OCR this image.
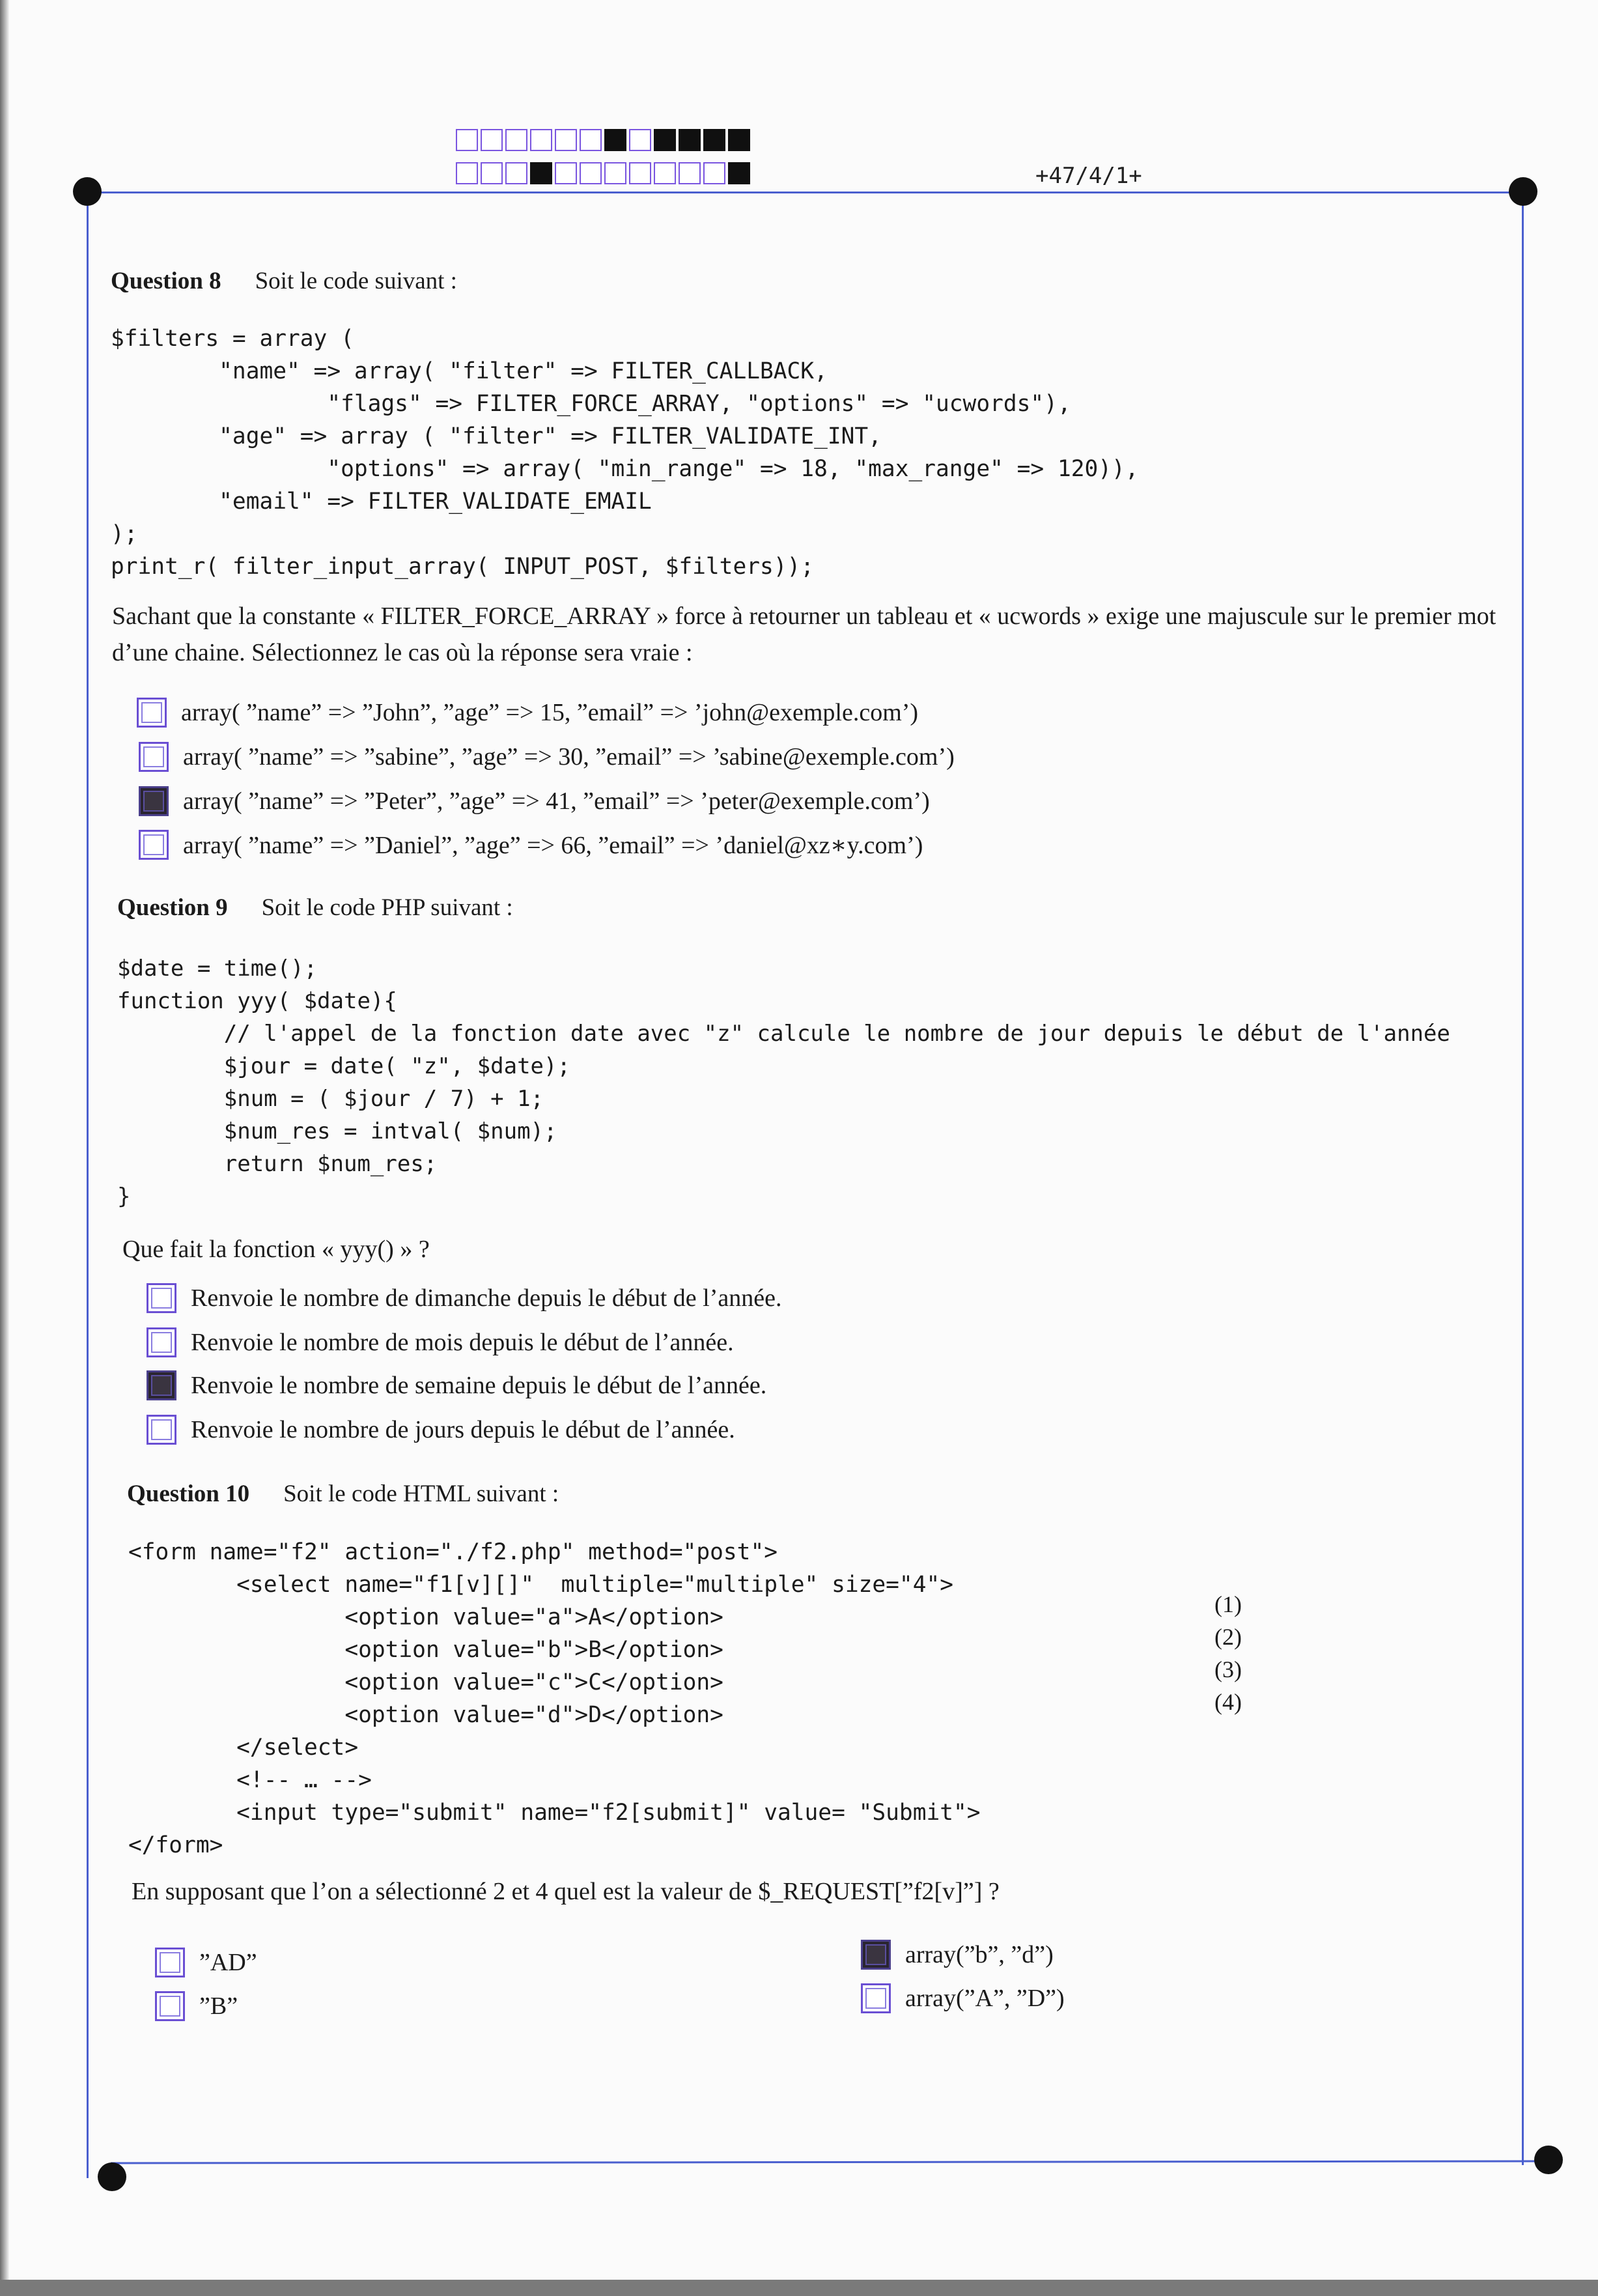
+47/4/1+
Question 8 Soit le code suivant :
$filters = array (
"name" => array( "filter" => FILTER_CALLBACK,
"flags" => FILTER_FORCE_ARRAY, "options" => "ucwords"),
"age" => array ( "filter" => FILTER_VALIDATE_INT,
"options" => array( "min_range" => 18, "max_range" => 120)),
"email" => FILTER_VALIDATE_EMAIL
);
print_r( filter_input_array( INPUT_POST, $filters));
Sachant que la constante « FILTER_FORCE_ARRAY » force à retourner un tableau et « ucwords » exige une majuscule sur le premier mot d’une chaine. Sélectionnez le cas où la réponse sera vraie :
array( ”name” => ”John”, ”age” => 15, ”email” => ’john@exemple.com’)
array( ”name” => ”sabine”, ”age” => 30, ”email” => ’sabine@exemple.com’)
array( ”name” => ”Peter”, ”age” => 41, ”email” => ’peter@exemple.com’)
array( ”name” => ”Daniel”, ”age” => 66, ”email” => ’daniel@xz∗y.com’)
Question 9 Soit le code PHP suivant :
$date = time();
function yyy( $date){
// l'appel de la fonction date avec "z" calcule le nombre de jour depuis le début de l'année
$jour = date( "z", $date);
$num = ( $jour / 7) + 1;
$num_res = intval( $num);
return $num_res;
}
Que fait la fonction « yyy() » ?
Renvoie le nombre de dimanche depuis le début de l’année.
Renvoie le nombre de mois depuis le début de l’année.
Renvoie le nombre de semaine depuis le début de l’année.
Renvoie le nombre de jours depuis le début de l’année.
Question 10 Soit le code HTML suivant :
<form name="f2" action="./f2.php" method="post">
<select name="f1[v][]"  multiple="multiple" size="4">
<option value="a">A</option>
<option value="b">B</option>
<option value="c">C</option>
<option value="d">D</option>
</select>
<!-- … -->
<input type="submit" name="f2[submit]" value= "Submit">
</form>
(1)
(2)
(3)
(4)
En supposant que l’on a sélectionné 2 et 4 quel est la valeur de $_REQUEST[”f2[v]”] ?
”AD”
”B”
array(”b”, ”d”)
array(”A”, ”D”)
